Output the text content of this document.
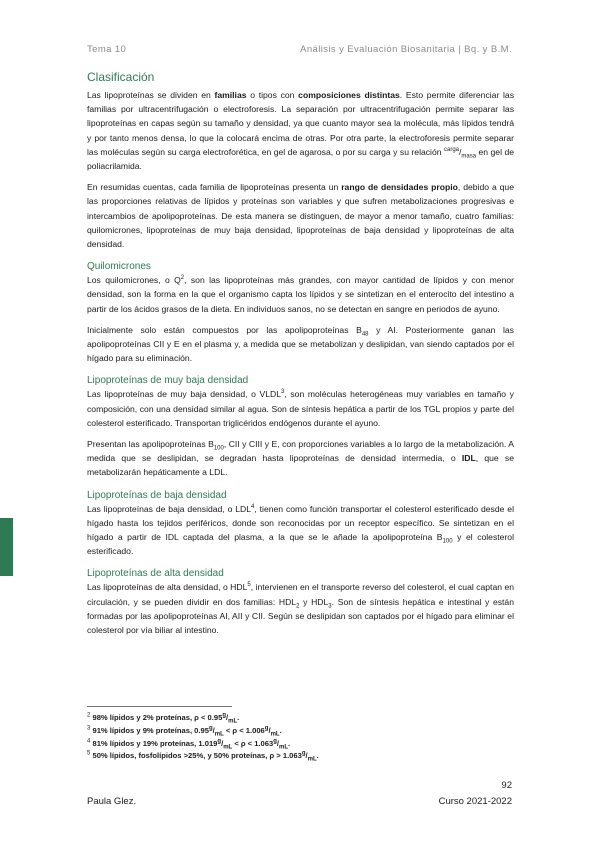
Tema 10	Análisis y Evaluación Biosanitaria | Bq. y B.M.
Clasificación

Las lipoproteínas se dividen en familias o tipos con composiciones distintas. Esto permite diferenciar las familias por ultracentrifugación o electroforesis. La separación por ultracentrifugación permite separar las lipoproteínas en capas según su tamaño y densidad, ya que cuanto mayor sea la molécula, más lípidos tendrá y por tanto menos densa, lo que la colocará encima de otras. Por otra parte, la electroforesis permite separar las moléculas según su carga electroforética, en gel de agarosa, o por su carga y su relación $^{carga}/_{masa}$ en gel de poliacrilamida.

En resumidas cuentas, cada familia de lipoproteínas presenta un rango de densidades propio, debido a que las proporciones relativas de lípidos y proteínas son variables y que sufren metabolizaciones progresivas e intercambios de apolipoproteínas. De esta manera se distinguen, de mayor a menor tamaño, cuatro familias: quilomicrones, lipoproteínas de muy baja densidad, lipoproteínas de baja densidad y lipoproteínas de alta densidad.

Quilomicrones

Los quilomicrones, o $Q^2$, son las lipoproteínas más grandes, con mayor cantidad de lípidos y con menor densidad, son la forma en la que el organismo capta los lípidos y se sintetizan en el enterocito del intestino a partir de los ácidos grasos de la dieta. En individuos sanos, no se detectan en sangre en periodos de ayuno.

Inicialmente solo están compuestos por las apolipoproteínas $B_{48}$ y AI. Posteriormente ganan las apolipoproteínas CII y E en el plasma y, a medida que se metabolizan y deslipidan, van siendo captados por el hígado para su eliminación.

Lipoproteínas de muy baja densidad

Las lipoproteínas de muy baja densidad, o VLDL$^3$, son moléculas heterogéneas muy variables en tamaño y composición, con una densidad similar al agua. Son de síntesis hepática a partir de los TGL propios y parte del colesterol esterificado. Transportan triglicéridos endógenos durante el ayuno.

Presentan las apolipoproteínas $B_{100}$, CII y CIII y E, con proporciones variables a lo largo de la metabolización. A medida que se deslipidan, se degradan hasta lipoproteínas de densidad intermedia, o IDL, que se metabolizarán hepáticamente a LDL.

Lipoproteínas de baja densidad

Las lipoproteínas de baja densidad, o LDL$^4$, tienen como función transportar el colesterol esterificado desde el hígado hasta los tejidos periféricos, donde son reconocidas por un receptor específico. Se sintetizan en el hígado a partir de IDL captada del plasma, a la que se le añade la apolipoproteína $B_{100}$ y el colesterol esterificado.

Lipoproteínas de alta densidad

Las lipoproteínas de alta densidad, o HDL$^5$, intervienen en el transporte reverso del colesterol, el cual captan en circulación, y se pueden dividir en dos familias: $HDL_2$ y $HDL_3$. Son de síntesis hepática e intestinal y están formadas por las apolipoproteínas AI, AII y CII. Según se deslipidan son captados por el hígado para eliminar el colesterol por vía biliar al intestino.

$^2$ 98% lípidos y 2% proteínas, $\rho < 0.95^g/_{mL}$.
$^3$ 91% lípidos y 9% proteínas, $0.95^g/_{mL} < \rho < 1.006^g/_{mL}$.
$^4$ 81% lípidos y 19% proteínas, $1.019^g/_{mL} < \rho < 1.063^g/_{mL}$.
$^5$ 50% lípidos, fosfolípidos >25%, y 50% proteínas, $\rho > 1.063^g/_{mL}$.
92
Paula Glez.	Curso 2021-2022
